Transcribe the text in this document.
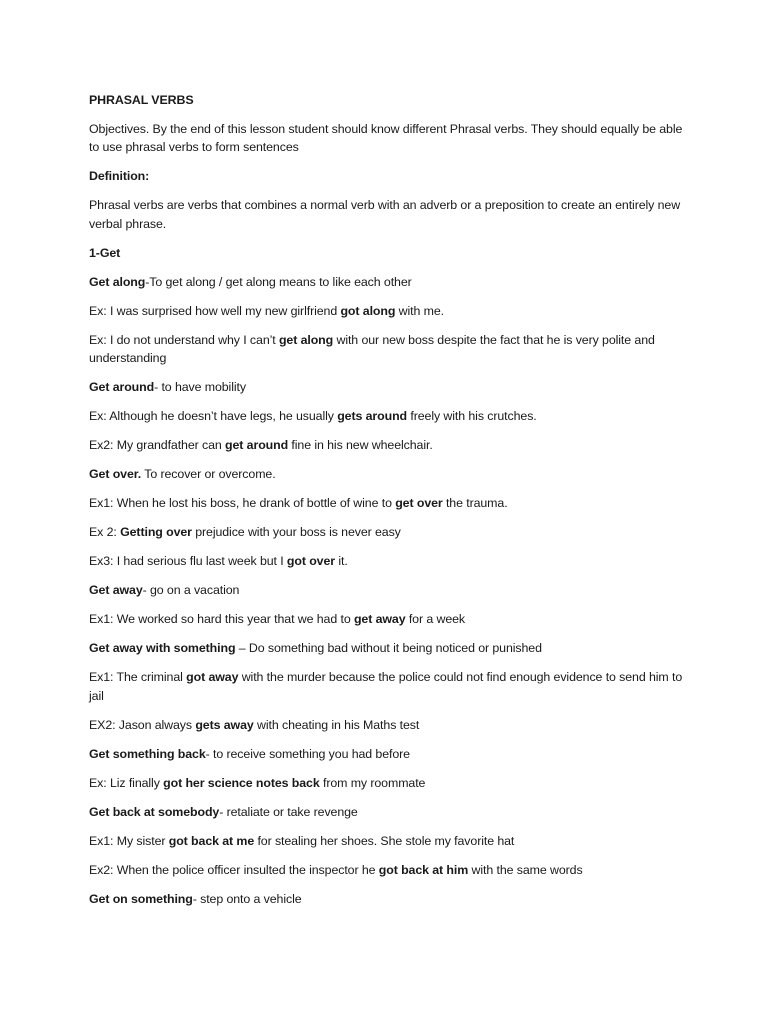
PHRASAL VERBS
Objectives. By the end of this lesson student should know different Phrasal verbs. They should equally be able to use phrasal verbs to form sentences
Definition:
Phrasal verbs are verbs that combines a normal verb with an adverb or a preposition to create an entirely new verbal phrase.
1-Get
Get along-To get along / get along means to like each other
Ex: I was surprised how well my new girlfriend got along with me.
Ex: I do not understand why I can’t get along with our new boss despite the fact that he is very polite and understanding
Get around- to have mobility
Ex: Although he doesn’t have legs, he usually gets around freely with his crutches.
Ex2: My grandfather can get around fine in his new wheelchair.
Get over. To recover or overcome.
Ex1: When he lost his boss, he drank of bottle of wine to get over the trauma.
Ex 2: Getting over prejudice with your boss is never easy
Ex3: I had serious flu last week but I got over it.
Get away- go on a vacation
Ex1: We worked so hard this year that we had to get away for a week
Get away with something – Do something bad without it being noticed or punished
Ex1: The criminal got away with the murder because the police could not find enough evidence to send him to jail
EX2: Jason always gets away with cheating in his Maths test
Get something back- to receive something you had before
Ex: Liz finally got her science notes back from my roommate
Get back at somebody- retaliate or take revenge
Ex1: My sister got back at me for stealing her shoes. She stole my favorite hat
Ex2: When the police officer insulted the inspector he got back at him with the same words
Get on something- step onto a vehicle
